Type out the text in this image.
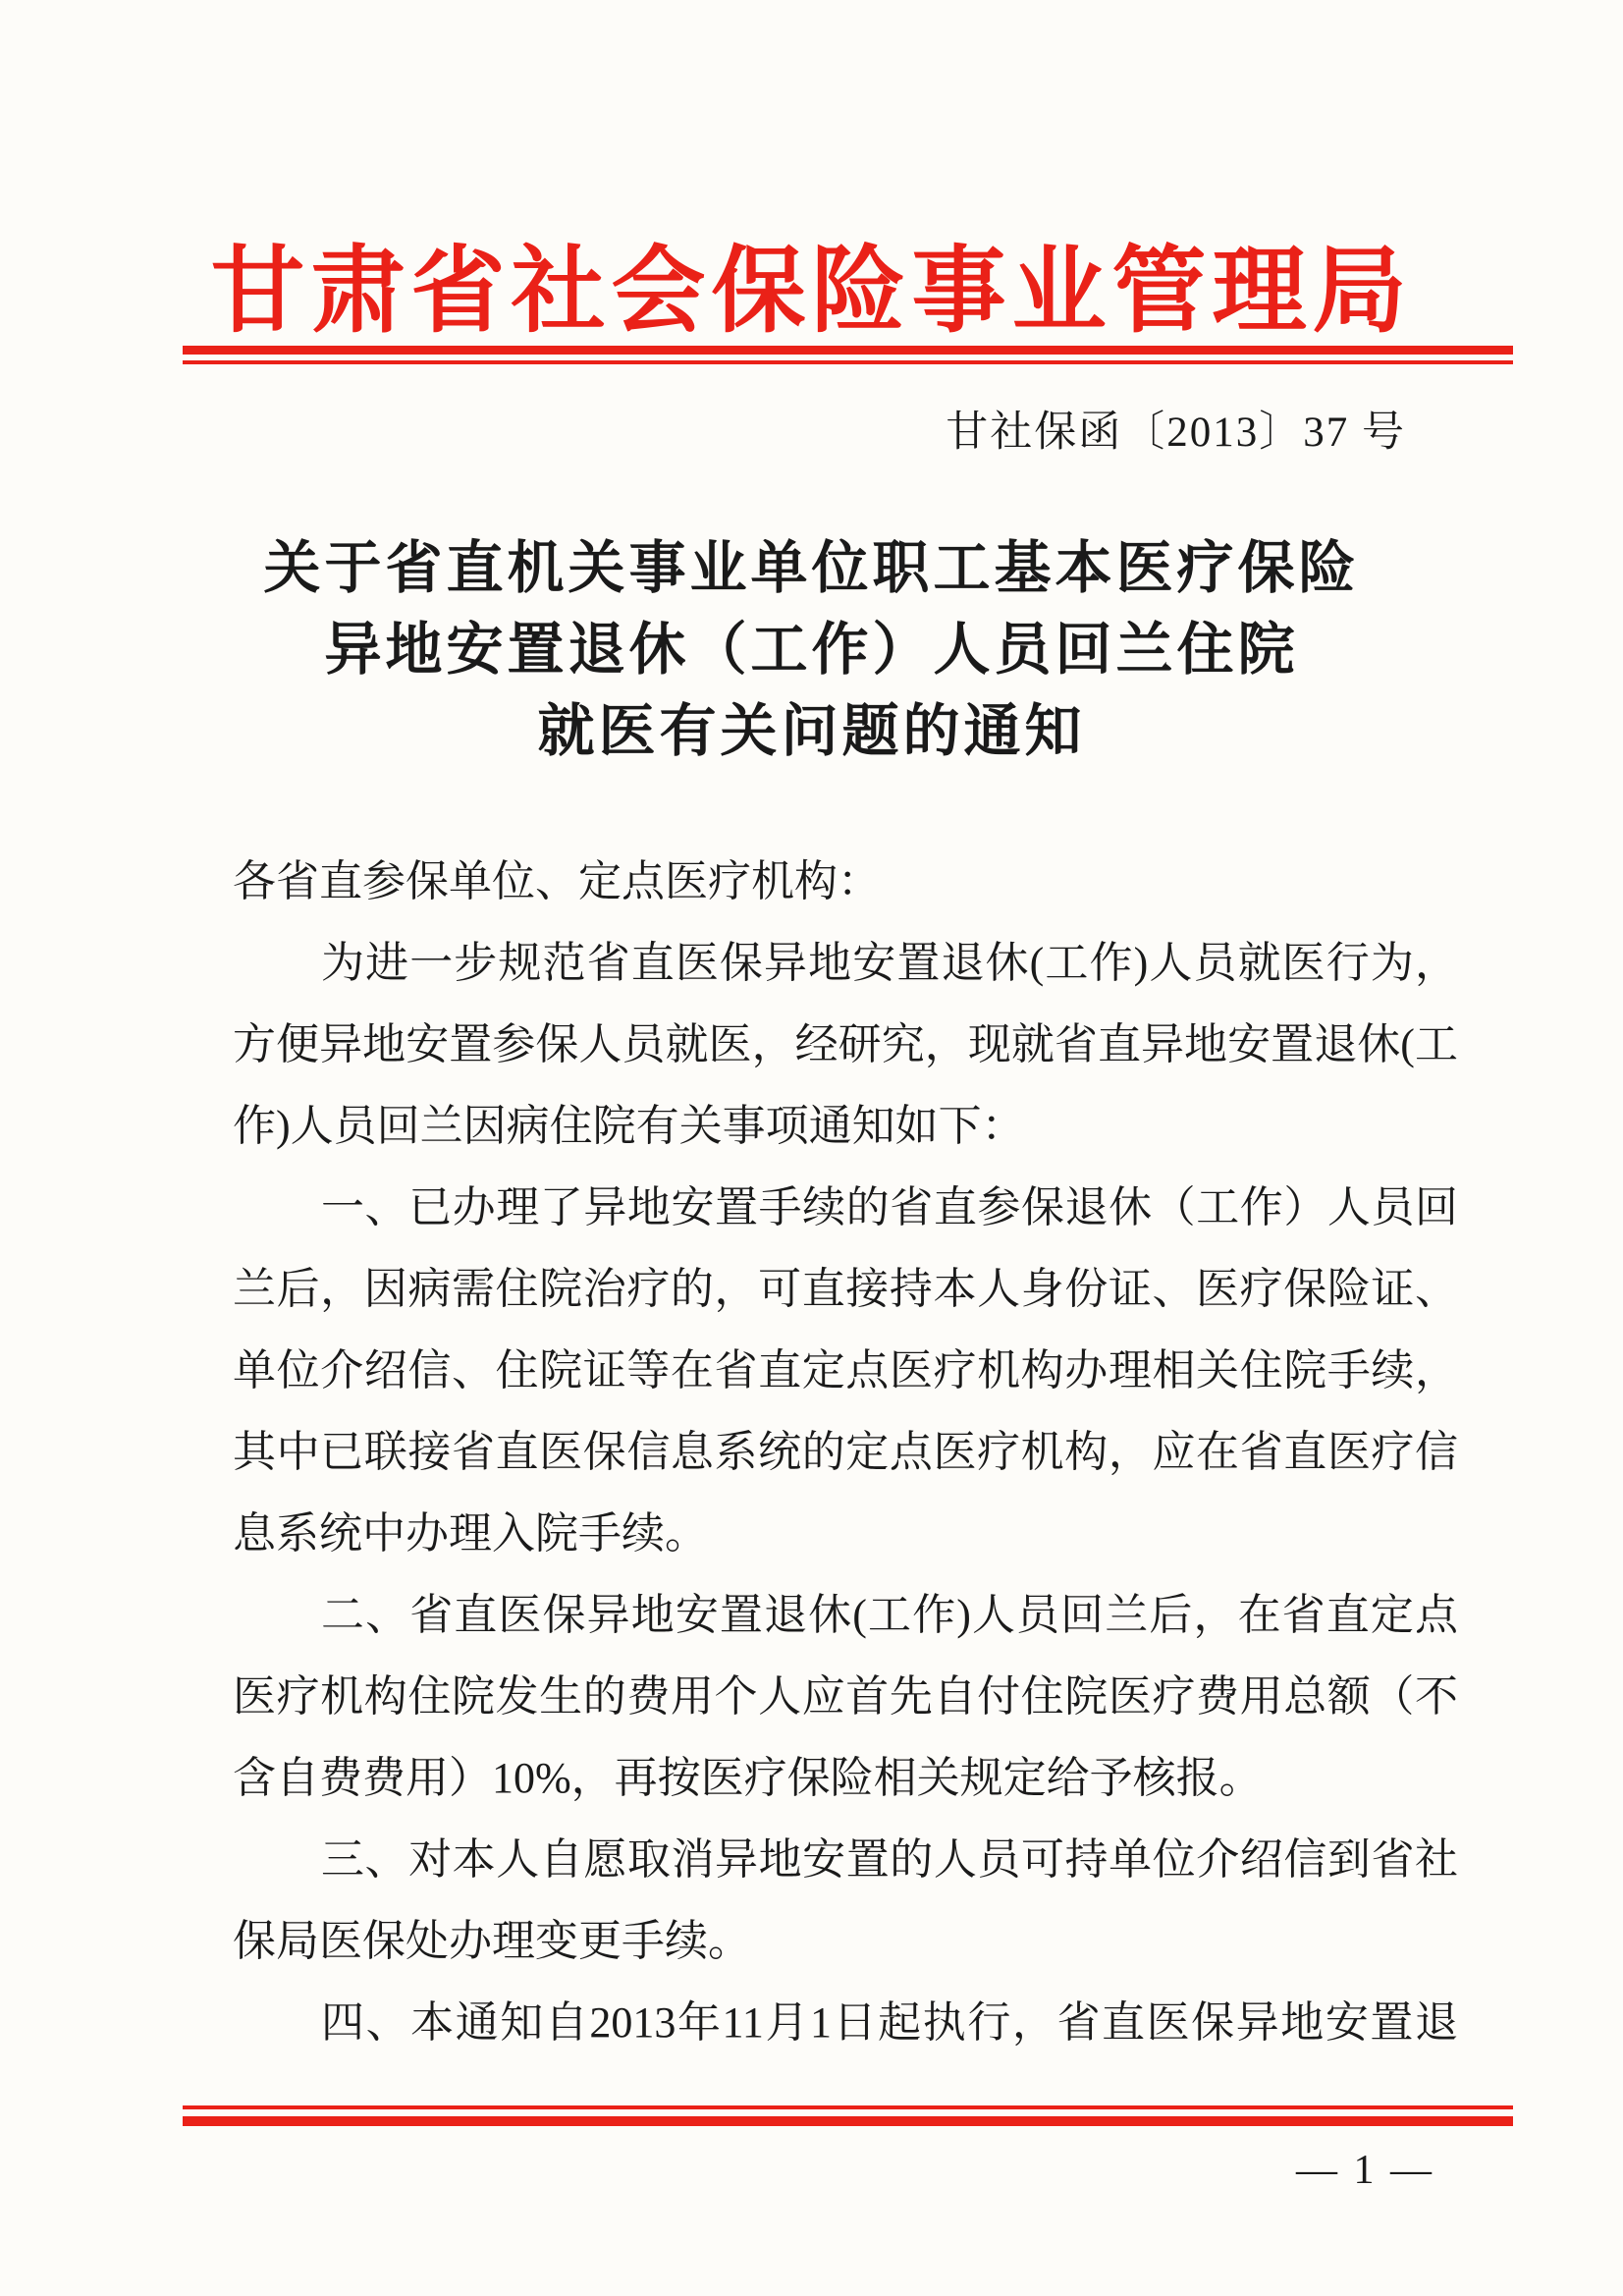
甘肃省社会保险事业管理局
甘社保函〔2013〕37 号
关于省直机关事业单位职工基本医疗保险
异地安置退休（工作）人员回兰住院
就医有关问题的通知
各省直参保单位、定点医疗机构：
为进一步规范省直医保异地安置退休(工作)人员就医行为，
方便异地安置参保人员就医，经研究，现就省直异地安置退休(工
作)人员回兰因病住院有关事项通知如下：
一、已办理了异地安置手续的省直参保退休（工作）人员回
兰后，因病需住院治疗的，可直接持本人身份证、医疗保险证、
单位介绍信、住院证等在省直定点医疗机构办理相关住院手续，
其中已联接省直医保信息系统的定点医疗机构，应在省直医疗信
息系统中办理入院手续。
二、省直医保异地安置退休(工作)人员回兰后，在省直定点
医疗机构住院发生的费用个人应首先自付住院医疗费用总额（不
含自费费用）10%，再按医疗保险相关规定给予核报。
三、对本人自愿取消异地安置的人员可持单位介绍信到省社
保局医保处办理变更手续。
四、本通知自2013年11月1日起执行，省直医保异地安置退
— 1 —
